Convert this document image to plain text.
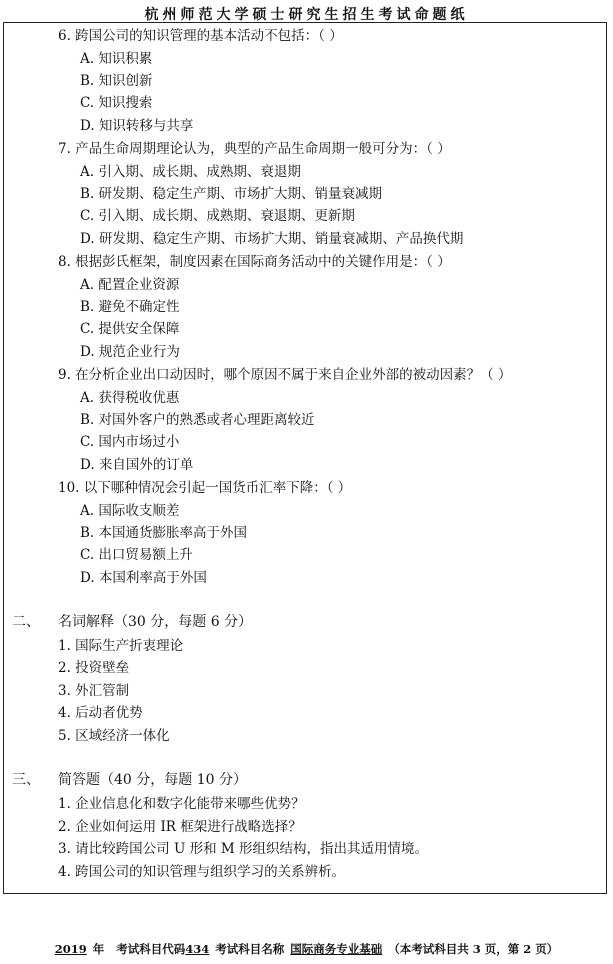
杭州师范大学硕士研究生招生考试命题纸
6. 跨国公司的知识管理的基本活动不包括：（ ）
A. 知识积累
B. 知识创新
C. 知识搜索
D. 知识转移与共享
7. 产品生命周期理论认为，典型的产品生命周期一般可分为：（ ）
A. 引入期、成长期、成熟期、衰退期
B. 研发期、稳定生产期、市场扩大期、销量衰减期
C. 引入期、成长期、成熟期、衰退期、更新期
D. 研发期、稳定生产期、市场扩大期、销量衰减期、产品换代期
8. 根据彭氏框架，制度因素在国际商务活动中的关键作用是：（ ）
A. 配置企业资源
B. 避免不确定性
C. 提供安全保障
D. 规范企业行为
9. 在分析企业出口动因时，哪个原因不属于来自企业外部的被动因素？（ ）
A. 获得税收优惠
B. 对国外客户的熟悉或者心理距离较近
C. 国内市场过小
D. 来自国外的订单
10. 以下哪种情况会引起一国货币汇率下降：（ ）
A. 国际收支顺差
B. 本国通货膨胀率高于外国
C. 出口贸易额上升
D. 本国利率高于外国
二、 名词解释（30 分，每题 6 分）
1. 国际生产折衷理论
2. 投资壁垒
3. 外汇管制
4. 后动者优势
5. 区域经济一体化
三、 简答题（40 分，每题 10 分）
1. 企业信息化和数字化能带来哪些优势？
2. 企业如何运用 IR 框架进行战略选择？
3. 请比较跨国公司 U 形和 M 形组织结构，指出其适用情境。
4. 跨国公司的知识管理与组织学习的关系辨析。
2019 年 考试科目代码434 考试科目名称 国际商务专业基础 （本考试科目共 3 页，第 2 页）
